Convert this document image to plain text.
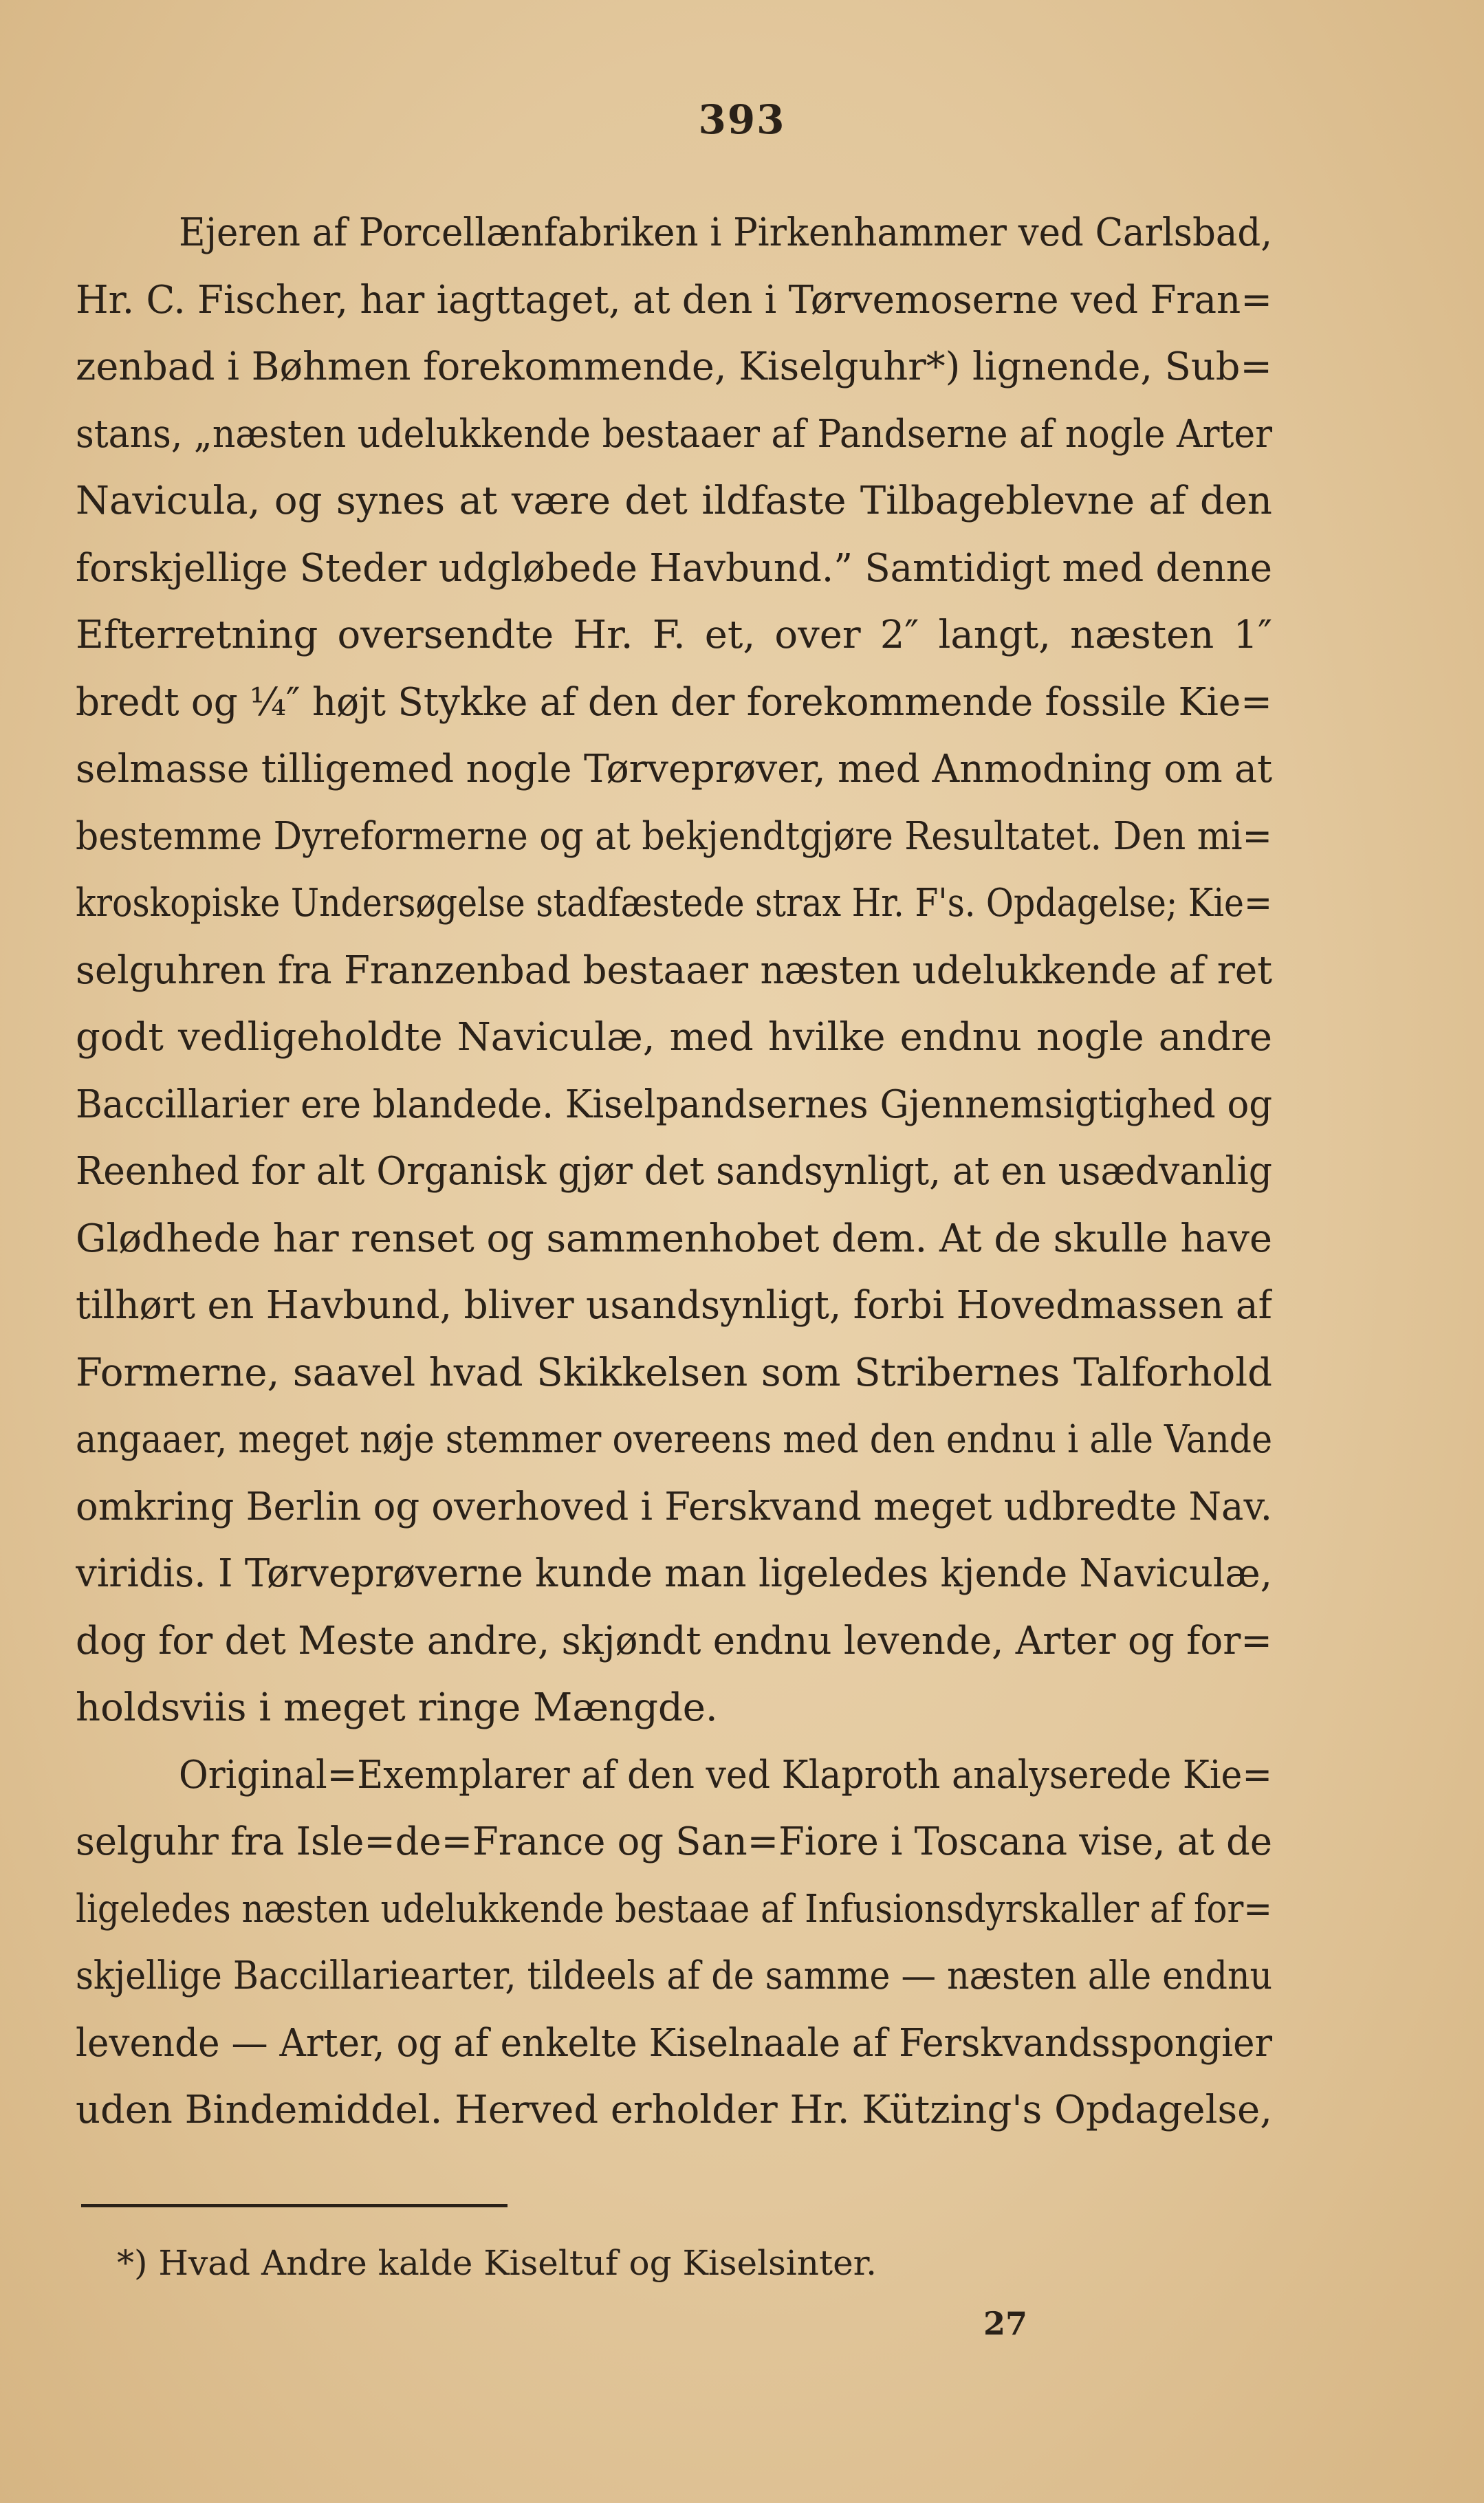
393
Ejeren af Porcellænfabriken i Pirkenhammer ved Carlsbad,
Hr. C. Fischer, har iagttaget, at den i Tørvemoserne ved Fran=
zenbad i Bøhmen forekommende, Kiselguhr*) lignende, Sub=
stans, „næsten udelukkende bestaaer af Pandserne af nogle Arter
Navicula, og synes at være det ildfaste Tilbageblevne af den
forskjellige Steder udgløbede Havbund.” Samtidigt med denne
Efterretning oversendte Hr. F. et, over 2″ langt, næsten 1″
bredt og ¼″ højt Stykke af den der forekommende fossile Kie=
selmasse tilligemed nogle Tørveprøver, med Anmodning om at
bestemme Dyreformerne og at bekjendtgjøre Resultatet. Den mi=
kroskopiske Undersøgelse stadfæstede strax Hr. F's. Opdagelse; Kie=
selguhren fra Franzenbad bestaaer næsten udelukkende af ret
godt vedligeholdte Naviculæ, med hvilke endnu nogle andre
Baccillarier ere blandede. Kiselpandsernes Gjennemsigtighed og
Reenhed for alt Organisk gjør det sandsynligt, at en usædvanlig
Glødhede har renset og sammenhobet dem. At de skulle have
tilhørt en Havbund, bliver usandsynligt, forbi Hovedmassen af
Formerne, saavel hvad Skikkelsen som Stribernes Talforhold
angaaer, meget nøje stemmer overeens med den endnu i alle Vande
omkring Berlin og overhoved i Ferskvand meget udbredte Nav.
viridis. I Tørveprøverne kunde man ligeledes kjende Naviculæ,
dog for det Meste andre, skjøndt endnu levende, Arter og for=
holdsviis i meget ringe Mængde.
Original=Exemplarer af den ved Klaproth analyserede Kie=
selguhr fra Isle=de=France og San=Fiore i Toscana vise, at de
ligeledes næsten udelukkende bestaae af Infusionsdyrskaller af for=
skjellige Baccillariearter, tildeels af de samme — næsten alle endnu
levende — Arter, og af enkelte Kiselnaale af Ferskvandsspongier
uden Bindemiddel. Herved erholder Hr. Kützing's Opdagelse,
*) Hvad Andre kalde Kiseltuf og Kiselsinter.
27
